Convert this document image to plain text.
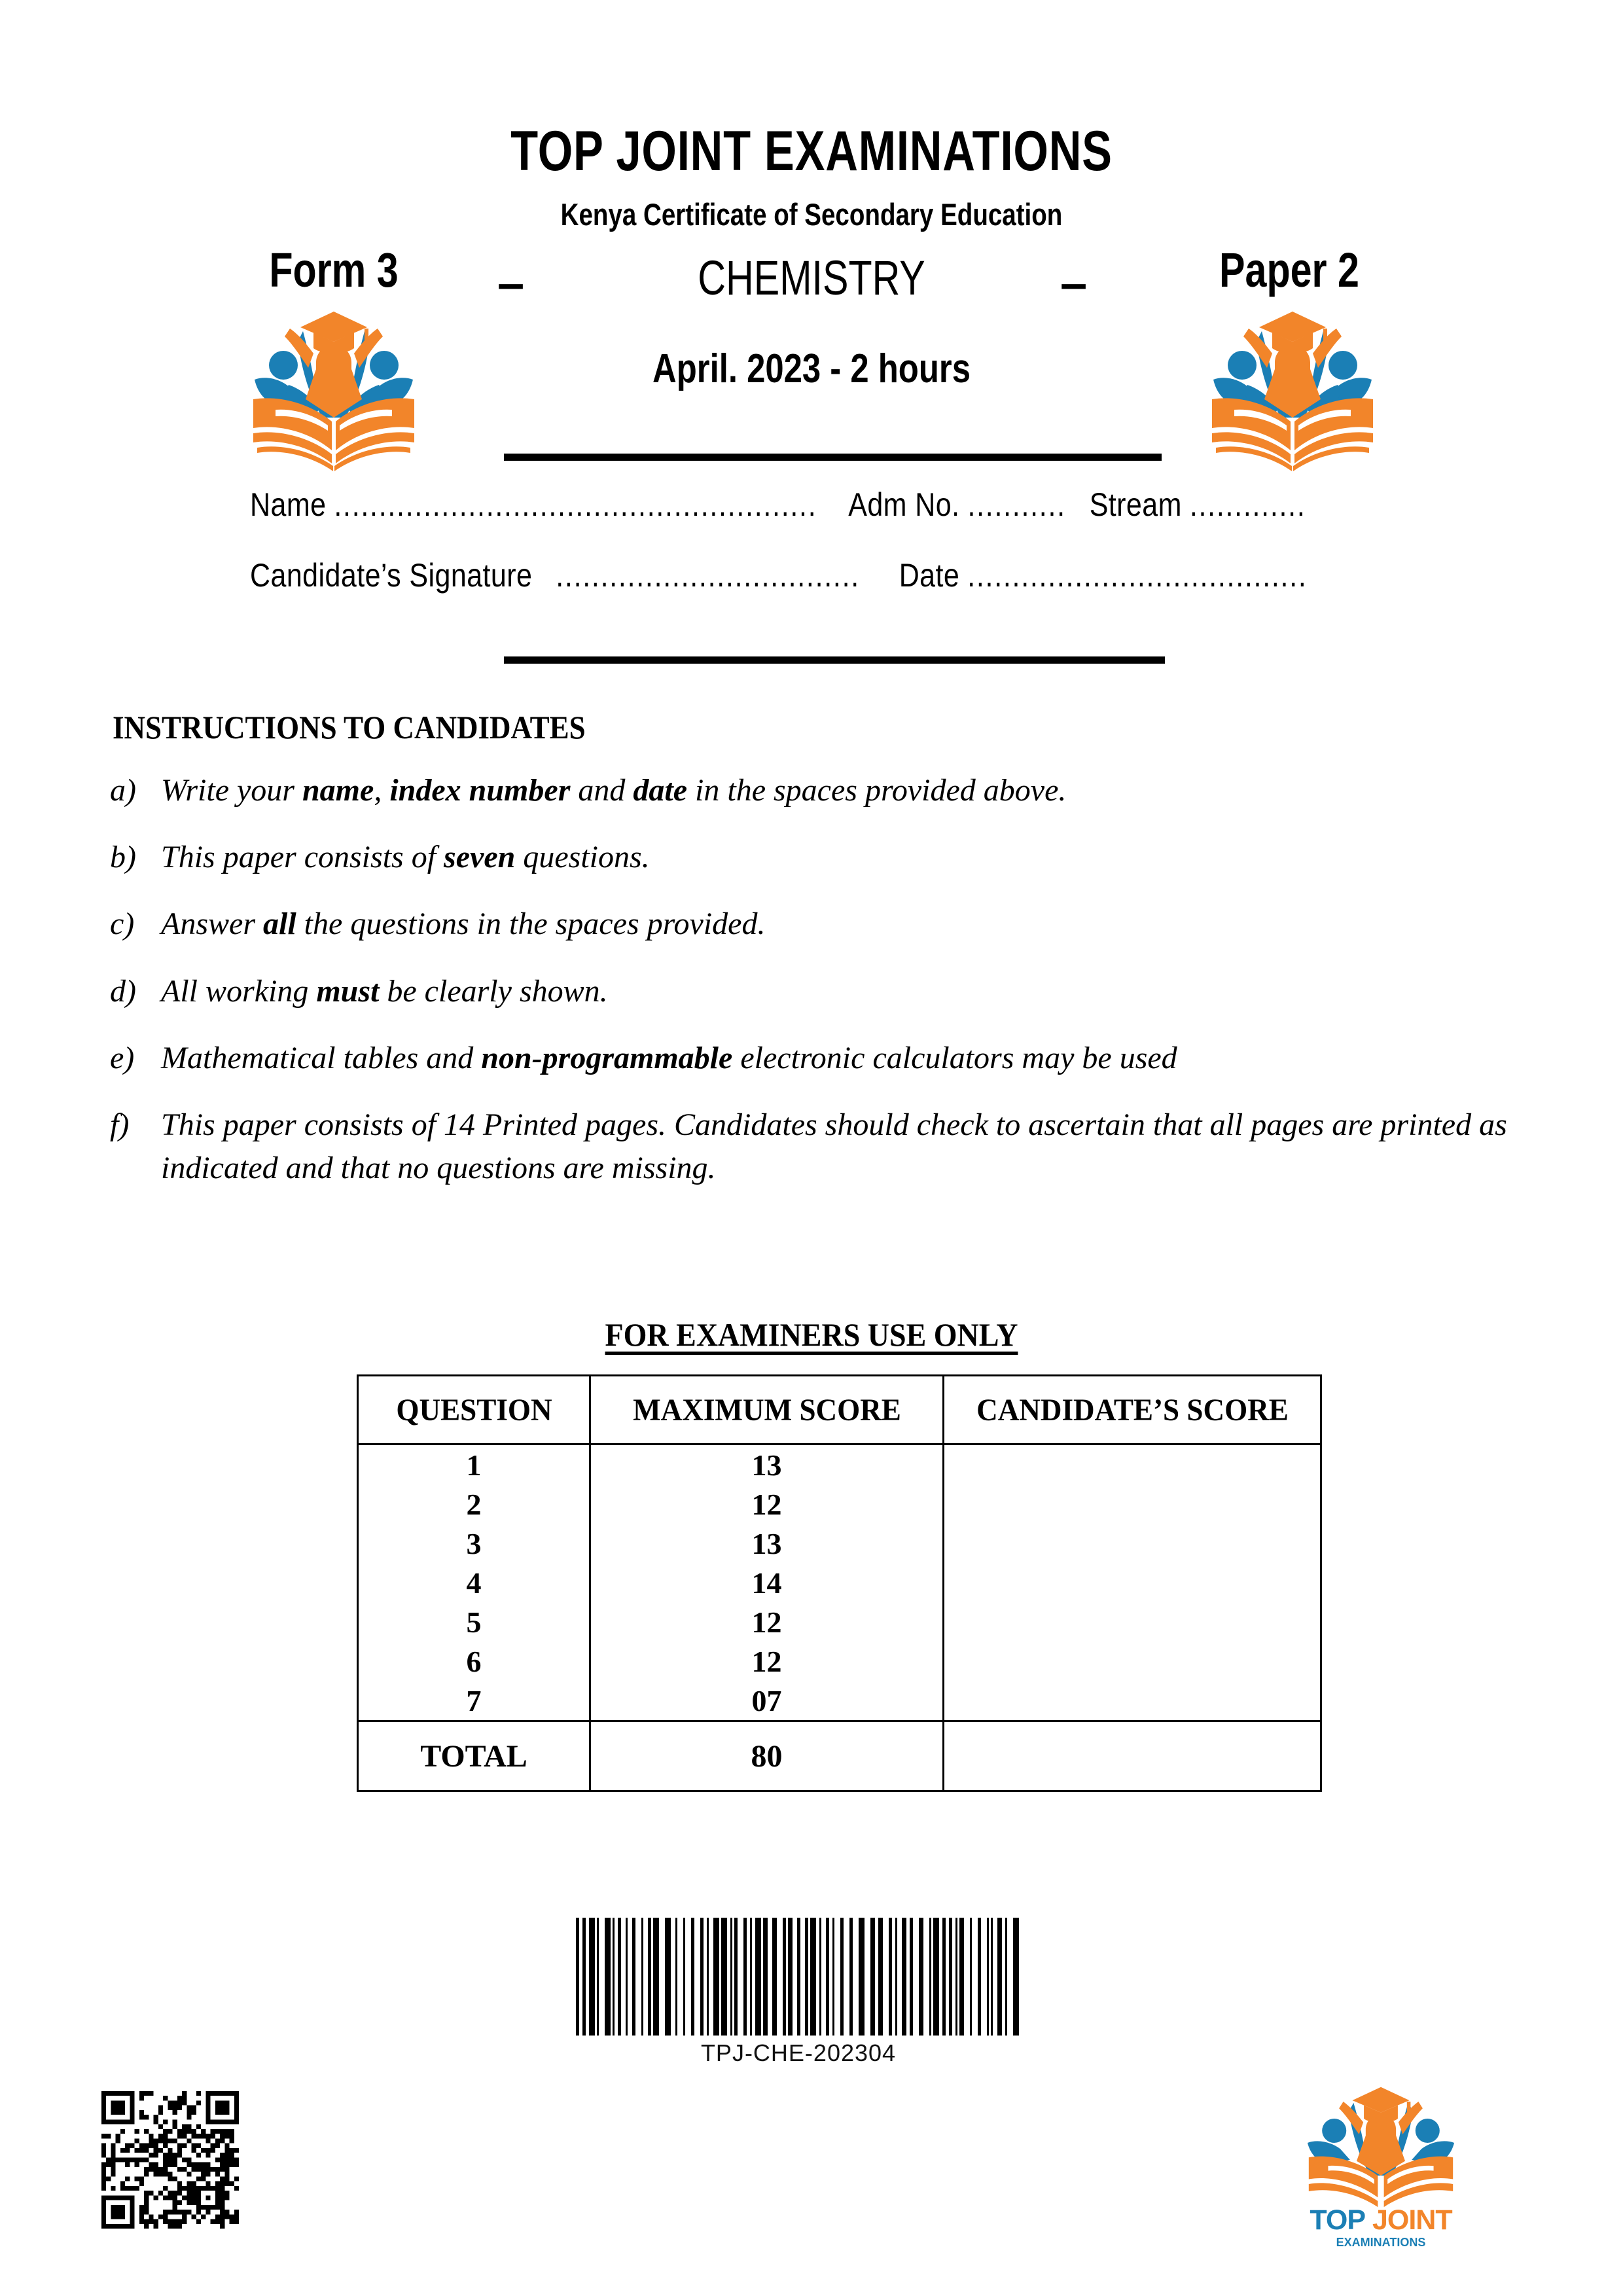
TOP JOINT EXAMINATIONS
Kenya Certificate of Secondary Education
Form 3	–	CHEMISTRY	–	Paper 2
April. 2023 - 2 hours
Name ...................................................... Adm No. ........... Stream .............
Candidate’s Signature .................................. Date ......................................
INSTRUCTIONS TO CANDIDATES
a) Write your name, index number and date in the spaces provided above.
b) This paper consists of seven questions.
c) Answer all the questions in the spaces provided.
d) All working must be clearly shown.
e) Mathematical tables and non-programmable electronic calculators may be used
f)	This paper consists of 14 Printed pages. Candidates should check to ascertain that all pages are printed as indicated and that no questions are missing.
FOR EXAMINERS USE ONLY
QUESTION	MAXIMUM SCORE	CANDIDATE’S SCORE
1	13	
2	12	
3	13	
4	14	
5	12	
6	12	
7	07	
TOTAL	80	
TPJ-CHE-202304
TOP JOINT
EXAMINATIONS
